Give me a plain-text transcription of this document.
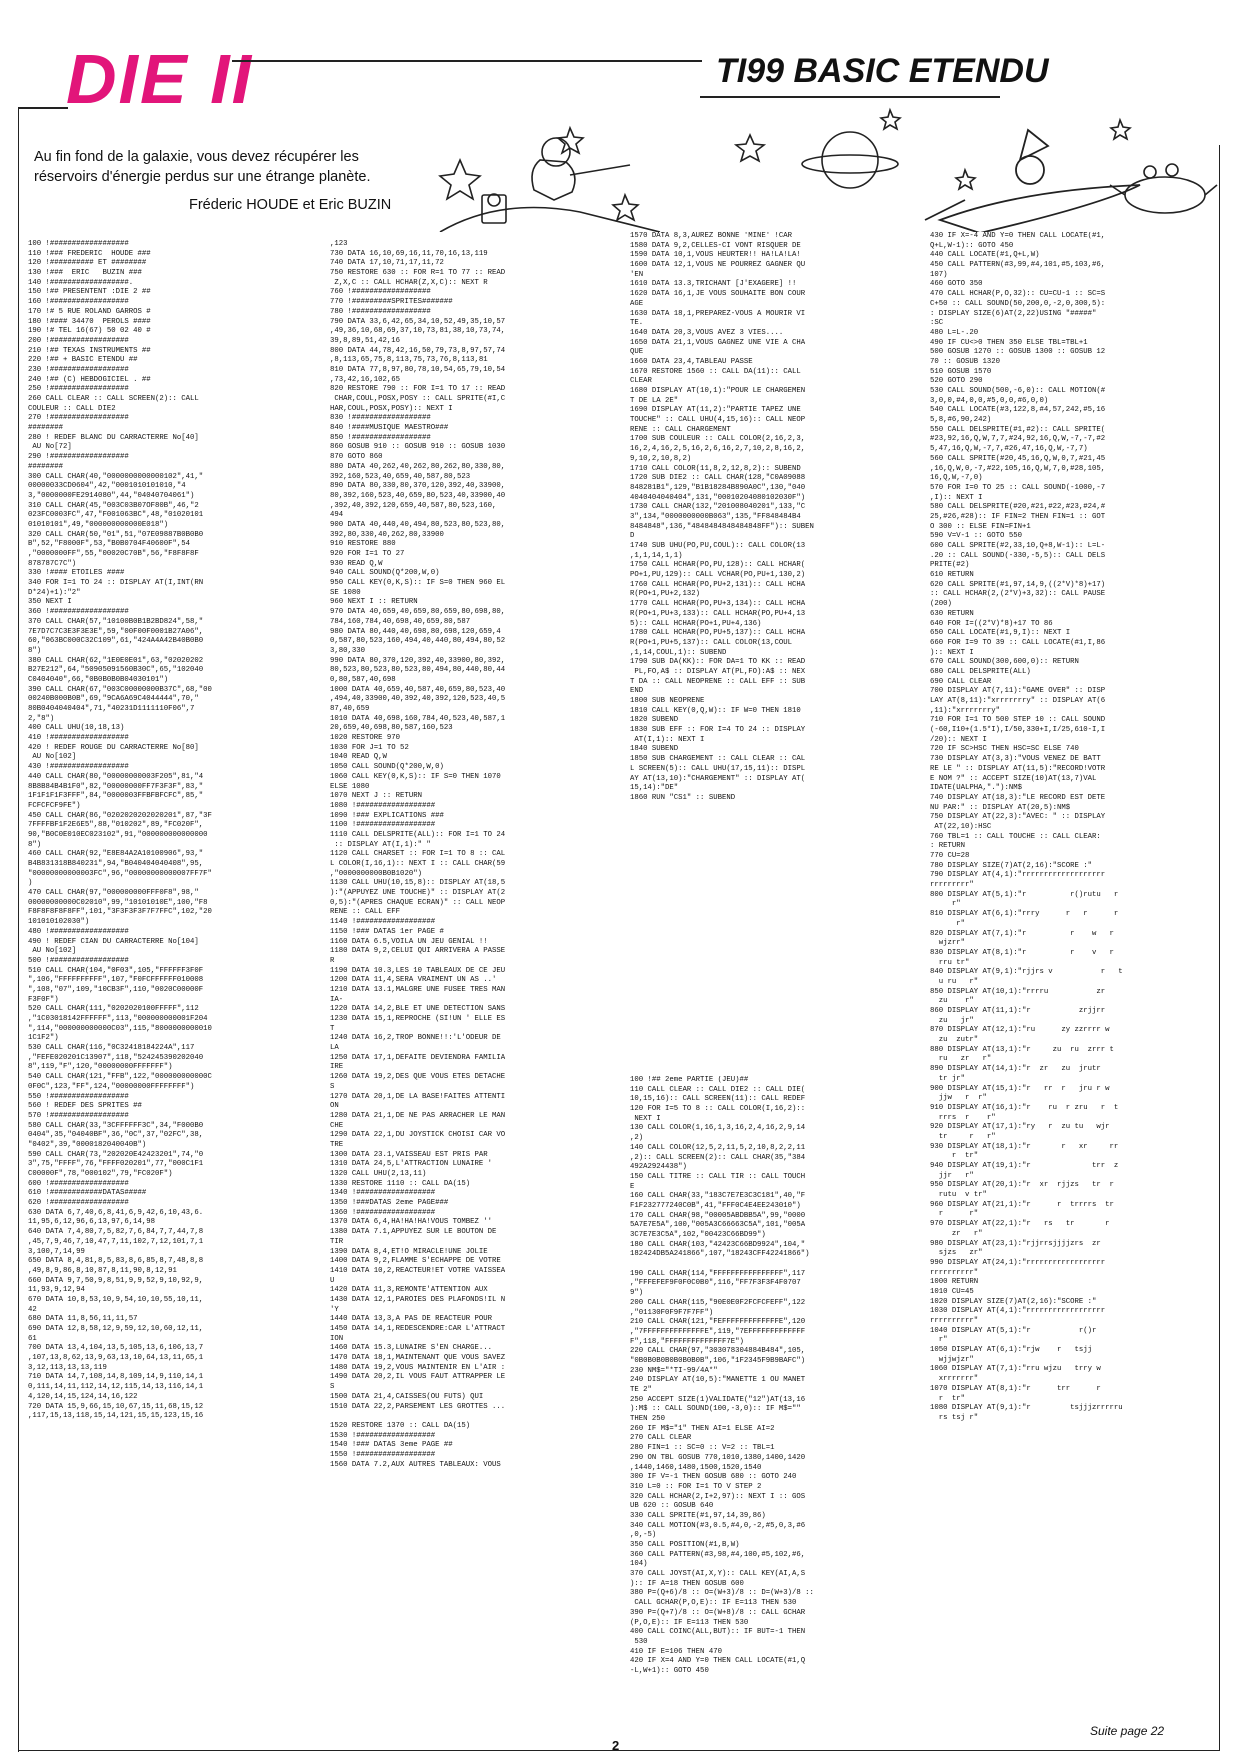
DIE II	TI99 BASIC ETENDU
Au fin fond de la galaxie, vous devez récupérer les réservoirs d'énergie perdus sur une étrange planète.
Fréderic HOUDE et Eric BUZIN
100 !##################
110 !### FREDERIC  HOUDE ###
120 !########## ET ########
130 !###  ERIC   BUZIN ###
140 !##################.
150 !## PRESENTENT :DIE 2 ##
160 !##################
170 !# 5 RUE ROLAND GARROS #
180 !#### 34470  PEROLS ####
190 !# TEL 16(67) 50 02 40 #
200 !##################
210 !## TEXAS INSTRUMENTS ##
220 !## + BASIC ETENDU ##
230 !##################
240 !## (C) HEBDOGICIEL . ##
250 !##################
260 CALL CLEAR :: CALL SCREEN(2):: CALL
COULEUR :: CALL DIE2
270 !##################
########
280 ! REDEF BLANC DU CARRACTERRE No[40]
AU No[72]
290 !##################
########
300 CALL CHAR(40,"0000000000000102",41,"
00000033CD0604",42,"0001010101010,"4
3,"0000000FE2914080",44,"04040704061")
310 CALL CHAR(45,"003C03B07OF80B",46,"2
023FC0003FC",47,"F001063BC",48,"01020101
01010101",49,"000000000000E018")
320 CALL CHAR(50,"01",51,"07E09887B0B0B0
B",52,"F8000F",53,"B0B0704F40600F",54
,"0000000FF",55,"00020C70B",56,"F8F8F8F
878787C7C")
330 !#### ETOILES ####
340 FOR I=1 TO 24 :: DISPLAY AT(I,INT(RN
D*24)+1):"2"
350 NEXT I
360 !##################
370 CALL CHAR(57,"10100B0B1B2BD824",58,"
7E7D7C7C3E3F3E3E",59,"00F00F0001B27A06",
60,"063BC000C32C109",61,"424A4A42B40B0B0
8")
380 CALL CHAR(62,"1E0E0E01",63,"02020202
B27E212",64,"50905091560B30C",65,"102040
C0404040",66,"0B0B0B0B04030101")
390 CALL CHAR(67,"003C00000000B37C",68,"00
00240B000B0B",69,"9CA6A69C4044444",70,"
80B0404040404",71,"40231D1111110F06",7
2,"8")
400 CALL UHU(10,18,13)
410 !##################
420 ! REDEF ROUGE DU CARRACTERRE No[80]
AU No[102]
430 !##################
440 CALL CHAR(80,"00000000003F205",81,"4
8B8B84B4B1F0",82,"00000000FF7F3F3F",83,"
1F1F1F1F3FFF",84,"0000003FFBFBFCFC",85,"
FCFCFCF9FE")
450 CALL CHAR(86,"0202020202020201",87,"3F
7FFFFBF1F2E6E5",88,"010202",89,"FC020F",
90,"B0C0E010EC023102",91,"000000000000000
8")
460 CALL CHAR(92,"E8E84A2A10100906",93,"
B4B831318B840231",94,"B040404040408",95,
"00000000000003FC",96,"00000000000007FF7F"
)
470 CALL CHAR(97,"000000000FFF0F8",98,"
00000000000C02010",99,"10101010E",100,"F8
F8F8F8F8F8FF",101,"3F3F3F3F7F7FFC",102,"20
101010102030")
480 !##################
490 ! REDEF CIAN DU CARRACTERRE No[104]
AU No[102]
500 !##################
510 CALL CHAR(104,"0F03",105,"FFFFFF3F0F
",106,"FFFFFFFFFF",107,"F0FCFFFFFF010008
",108,"07",109,"10CB3F",110,"0020C00000F
F3F0F")
520 CALL CHAR(111,"0202020100FFFFF",112
,"1C03018142FFFFFF",113,"000000000001F204
",114,"000000000000C03",115,"8000000000010
1C1F2")
530 CALL CHAR(116,"0C32418184224A",117
,"FEFE020201C13907",118,"524245390202040
8",119,"F",120,"00000000FFFFFFF")
540 CALL CHAR(121,"FFB",122,"000000000000C
0F0C",123,"FF",124,"00000000FFFFFFFF")
550 !##################
560 ! REDEF DES SPRITES ##
570 !##################
580 CALL CHAR(33,"3CFFFFFF3C",34,"F000B0
0404",35,"04040BF",36,"0C",37,"02FC",38,
"0402",39,"0000182040040B")
590 CALL CHAR(73,"202020E42423201",74,"0
3",75,"FFFF",76,"FFFF020201",77,"000C1F1
C00000F",78,"000102",79,"FC020F")
600 !##################
610 !############DATAS#####
620 !##################
630 DATA 6,7,40,6,8,41,6,9,42,6,10,43,6.
11,95,6,12,96,6,13,97,6,14,98
640 DATA 7,4,80,7,5,82,7,6,84,7,7,44,7,8
,45,7,9,46,7,10,47,7,11,102,7,12,101,7,1
3,100,7,14,99
650 DATA 8,4,81,8,5,83,8,6,85,8,7,48,8,8
,49,8,9,86,8,10,87,8,11,90,8,12,91
660 DATA 9,7,50,9,8,51,9,9,52,9,10,92,9,
11,93,9,12,94
670 DATA 10,8,53,10,9,54,10,10,55,10,11,
42
680 DATA 11,8,56,11,11,57
690 DATA 12,8,58,12,9,59,12,10,60,12,11,
61
700 DATA 13,4,104,13,5,105,13,6,106,13,7
,107,13,8,62,13,9,63,13,10,64,13,11,65,1
3,12,113,13,13,119
710 DATA 14,7,108,14,8,109,14,9,110,14,1
0,111,14,11,112,14,12,115,14,13,116,14,1
4,120,14,15,124,14,16,122
720 DATA 15,9,66,15,10,67,15,11,68,15,12
,117,15,13,118,15,14,121,15,15,123,15,16
,123
730 DATA 16,10,69,16,11,70,16,13,119
740 DATA 17,10,71,17,11,72
750 RESTORE 630 :: FOR R=1 TO 77 :: READ
Z,X,C :: CALL HCHAR(Z,X,C):: NEXT R
760 !##################
770 !#########SPRITES#######
780 !##################
790 DATA 33,6,42,65,34,10,52,49,35,10,57
,49,36,10,68,69,37,10,73,81,38,10,73,74,
39,8,89,51,42,16
800 DATA 44,78,42,16,50,79,73,8,97,57,74
,8,113,65,75,8,113,75,73,76,8,113,81
810 DATA 77,8,97,80,78,10,54,65,79,10,54
,73,42,16,102,65
820 RESTORE 790 :: FOR I=1 TO 17 :: READ
CHAR,COUL,POSX,POSY :: CALL SPRITE(#I,C
HAR,COUL,POSX,POSY):: NEXT I
830 !##################
840 !####MUSIQUE MAESTRO###
850 !##################
860 GOSUB 910 :: GOSUB 910 :: GOSUB 1030
870 GOTO 860
880 DATA 40,262,40,262,80,262,80,330,80,
392,160,523,40,659,40,587,80,523
890 DATA 80,330,80,370,120,392,40,33900,
80,392,160,523,40,659,80,523,40,33900,40
,392,40,392,120,659,40,587,80,523,160,
494
900 DATA 40,440,40,494,80,523,80,523,80,
392,80,330,40,262,80,33900
910 RESTORE 880
920 FOR I=1 TO 27
930 READ Q,W
940 CALL SOUND(Q*200,W,0)
950 CALL KEY(0,K,S):: IF S=0 THEN 960 EL
SE 1080
960 NEXT I :: RETURN
970 DATA 40,659,40,659,80,659,80,698,80,
784,160,784,40,698,40,659,80,587
980 DATA 80,440,40,698,80,698,120,659,4
0,587,80,523,160,494,40,440,80,494,80,52
3,80,330
990 DATA 80,370,120,392,40,33900,80,392,
80,523,80,523,80,523,80,494,80,440,80,44
0,80,587,40,698
1000 DATA 40,659,40,587,40,659,80,523,40
,494,40,33900,40,392,40,392,120,523,40,5
87,40,659
1010 DATA 40,698,160,784,40,523,40,587,1
20,659,40,698,80,587,160,523
1020 RESTORE 970
1030 FOR J=1 TO 52
1040 READ Q,W
1050 CALL SOUND(Q*200,W,0)
1060 CALL KEY(0,K,S):: IF S=0 THEN 1070
ELSE 1080
1070 NEXT J :: RETURN
1080 !##################
1090 !### EXPLICATIONS ###
1100 !##################
1110 CALL DELSPRITE(ALL):: FOR I=1 TO 24
:: DISPLAY AT(I,1):" "
1120 CALL CHARSET :: FOR I=1 TO 8 :: CAL
L COLOR(I,16,1):: NEXT I :: CALL CHAR(59
,"0000000000B0B1020")
1130 CALL UHU(10,15,8):: DISPLAY AT(18,5
):"(APPUYEZ UNE TOUCHE)" :: DISPLAY AT(2
0,5):"(APRES CHAQUE ECRAN)" :: CALL NEOP
RENE :: CALL EFF
1140 !##################
1150 !### DATAS 1er PAGE #
1160 DATA 6.5,VOILA UN JEU GENIAL !!
1180 DATA 9,2,CELUI QUI ARRIVERA A PASSE
R
1190 DATA 10.3,LES 10 TABLEAUX DE CE JEU
1200 DATA 11,4,SERA VRAIMENT UN AS ..'
1210 DATA 13.1,MALGRE UNE FUSEE TRES MAN
IA-
1220 DATA 14,2,BLE ET UNE DETECTION SANS
1230 DATA 15,1,REPROCHE (SI!UN ' ELLE ES
T
1240 DATA 16,2,TROP BONNE!!:'L'ODEUR DE
LA
1250 DATA 17,1,DEFAITE DEVIENDRA FAMILIA
IRE
1260 DATA 19,2,DES QUE VOUS ETES DETACHE
S
1270 DATA 20,1,DE LA BASE!FAITES ATTENTI
ON
1280 DATA 21,1,DE NE PAS ARRACHER LE MAN
CHE
1290 DATA 22,1,DU JOYSTICK CHOISI CAR VO
TRE
1300 DATA 23.1,VAISSEAU EST PRIS PAR
1310 DATA 24,5,L'ATTRACTION LUNAIRE '
1320 CALL UHU(2,13,11)
1330 RESTORE 1110 :: CALL DA(15)
1340 !##################
1350 !###DATAS 2eme PAGE###
1360 !##################
1370 DATA 6,4,HA!HA!HA!VOUS TOMBEZ ''
1380 DATA 7.1,APPUYEZ SUR LE BOUTON DE
TIR
1390 DATA 8,4,ET!O MIRACLE!UNE JOLIE
1400 DATA 9,2,FLAMME S'ECHAPPE DE VOTRE
1410 DATA 10,2,REACTEUR!ET VOTRE VAISSEA
U
1420 DATA 11,3,REMONTE'ATTENTION AUX
1430 DATA 12,1,PAROIES DES PLAFONDS!IL N
'Y
1440 DATA 13,3,A PAS DE REACTEUR POUR
1450 DATA 14,1,REDESCENDRE:CAR L'ATTRACT
ION
1460 DATA 15.3,LUNAIRE S'EN CHARGE...
1470 DATA 18,1,MAINTENANT QUE VOUS SAVEZ
1480 DATA 19,2,VOUS MAINTENIR EN L'AIR :
1490 DATA 20,2,IL VOUS FAUT ATTRAPPER LE
S
1500 DATA 21,4,CAISSES(OU FUTS) QUI
1510 DATA 22,2,PARSEMENT LES GROTTES ...
1520 RESTORE 1370 :: CALL DA(15)
1530 !##################
1540 !### DATAS 3eme PAGE ##
1550 !##################
1560 DATA 7.2,AUX AUTRES TABLEAUX: VOUS
1570 DATA 8,3,AUREZ BONNE 'MINE' !CAR
1580 DATA 9,2,CELLES-CI VONT RISQUER DE
1590 DATA 10,1,VOUS HEURTER!! HA!LA!LA!
1600 DATA 12,1,VOUS NE POURREZ GAGNER QU
'EN
1610 DATA 13.3,TRICHANT [J'EXAGERE] !!
1620 DATA 16,1,JE VOUS SOUHAITE BON COUR
AGE
1630 DATA 18,1,PREPAREZ-VOUS A MOURIR VI
TE.
1640 DATA 20,3,VOUS AVEZ 3 VIES....
1650 DATA 21,1,VOUS GAGNEZ UNE VIE A CHA
QUE
1660 DATA 23,4,TABLEAU PASSE
1670 RESTORE 1560 :: CALL DA(11):: CALL
CLEAR
1680 DISPLAY AT(10,1):"POUR LE CHARGEMEN
T DE LA 2E"
1690 DISPLAY AT(11,2):"PARTIE TAPEZ UNE
TOUCHE" :: CALL UHU(4,15,16):: CALL NEOP
RENE :: CALL CHARGEMENT
1700 SUB COULEUR :: CALL COLOR(2,16,2,3,
16,2,4,16,2,5,16,2,6,16,2,7,10,2,8,16,2,
9,10,2,10,8,2)
1710 CALL COLOR(11,8,2,12,8,2):: SUBEND
1720 SUB DIE2 :: CALL CHAR(128,"C0A09088
848281B1",129,"B1B18284B890A0C",130,"040
4040404040404",131,"00010204080102030F")
1730 CALL CHAR(132,"201008040201",133,"C
3",134,"0000000000B063",135,"FF848484B4
8484848",136,"4848484848484848FF"):: SUBEN
D
1740 SUB UHU(PO,PU,COUL):: CALL COLOR(13
,1,1,14,1,1)
1750 CALL HCHAR(PO,PU,128):: CALL HCHAR(
PO+1,PU,129):: CALL VCHAR(PO,PU+1,130,2)
1760 CALL HCHAR(PO,PU+2,131):: CALL HCHA
R(PO+1,PU+2,132)
1770 CALL HCHAR(PO,PU+3,134):: CALL HCHA
R(PO+1,PU+3,133):: CALL HCHAR(PO,PU+4,13
5):: CALL HCHAR(PO+1,PU+4,136)
1780 CALL HCHAR(PO,PU+5,137):: CALL HCHA
R(PO+1,PU+5,137):: CALL COLOR(13,COUL
,1,14,COUL,1):: SUBEND
1790 SUB DA(KK):: FOR DA=1 TO KK :: READ
PL,FO,A$ :: DISPLAY AT(PL,FO):A$ :: NEX
T DA :: CALL NEOPRENE :: CALL EFF :: SUB
END
1800 SUB NEOPRENE
1810 CALL KEY(0,Q,W):: IF W=0 THEN 1810
1820 SUBEND
1830 SUB EFF :: FOR I=4 TO 24 :: DISPLAY
AT(I,1):: NEXT I
1840 SUBEND
1850 SUB CHARGEMENT :: CALL CLEAR :: CAL
L SCREEN(5):: CALL UHU(17,15,11):: DISPL
AY AT(13,10):"CHARGEMENT" :: DISPLAY AT(
15,14):"DE"
1860 RUN "CS1" :: SUBEND
100 !## 2eme PARTIE (JEU)##
110 CALL CLEAR :: CALL DIE2 :: CALL DIE(
10,15,16):: CALL SCREEN(11):: CALL REDEF
120 FOR I=5 TO 8 :: CALL COLOR(I,16,2)::
NEXT I
130 CALL COLOR(1,16,1,3,16,2,4,16,2,9,14
,2)
140 CALL COLOR(12,5,2,11,5,2,10,8,2,2,11
,2):: CALL SCREEN(2):: CALL CHAR(35,"384
492A2924438")
150 CALL TITRE :: CALL TIR :: CALL TOUCH
E
160 CALL CHAR(33,"183C7E7E3C3C181",40,"F
F1F232777240C0B",41,"FFF0C4E4EE243010")
170 CALL CHAR(98,"00005ABDBB5A",99,"0000
5A7E7E5A",100,"005A3C66663C5A",101,"005A
3C7E7E3C5A",102,"00423C66BD99")
180 CALL CHAR(103,"42423C66BD9924",104,"
182424DB5A241866",107,"18243CFF42241866")
190 CALL CHAR(114,"FFFFFFFFFFFFFFFF",117
,"FFFEFEF9F0F0C0B0",116,"FF7F3F3F4F0707
9")
200 CALL CHAR(115,"90E0E0F2FCFCFEFF",122
,"01130F0F9F7F7FF")
210 CALL CHAR(121,"FEFFFFFFFFFFFFFE",120
,"7FFFFFFFFFFFFFFE",119,"7EFFFFFFFFFFFFF
F",118,"FFFFFFFFFFFFFF7E")
220 CALL CHAR(97,"303078304884B484",105,
"0B0B0B0B0B0B0B0B",106,"1F2345F9B9BAFC")
230 NM$="*TI-99/4A*"
240 DISPLAY AT(10,5):"MANETTE 1 OU MANET
TE 2"
250 ACCEPT SIZE(1)VALIDATE("12")AT(13,16
):M$ :: CALL SOUND(100,-3,0):: IF M$=""
THEN 250
260 IF M$="1" THEN AI=1 ELSE AI=2
270 CALL CLEAR
280 FIN=1 :: SC=0 :: V=2 :: TBL=1
290 ON TBL GOSUB 770,1010,1380,1400,1420
,1440,1460,1480,1500,1520,1540
300 IF V=-1 THEN GOSUB 680 :: GOTO 240
310 L=0 :: FOR I=1 TO V STEP 2
320 CALL HCHAR(2,I+2,97):: NEXT I :: GOS
UB 620 :: GOSUB 640
330 CALL SPRITE(#1,97,14,39,86)
340 CALL MOTION(#3,0.5,#4,0,-2,#5,0,3,#6
,0,-5)
350 CALL POSITION(#1,B,W)
360 CALL PATTERN(#3,98,#4,100,#5,102,#6,
104)
370 CALL JOYST(AI,X,Y):: CALL KEY(AI,A,S
):: IF A=18 THEN GOSUB 600
380 P=(Q+6)/8 :: O=(W+3)/8 :: D=(W+3)/8 ::
CALL GCHAR(P,O,E):: IF E=113 THEN 530
390 P=(Q+7)/8 :: O=(W+8)/8 :: CALL GCHAR
(P,O,E):: IF E=113 THEN 530
400 CALL COINC(ALL,BUT):: IF BUT=-1 THEN
530
410 IF E=106 THEN 470
420 IF X=4 AND Y=0 THEN CALL LOCATE(#1,Q
-L,W+1):: GOTO 450
430 IF X=-4 AND Y=0 THEN CALL LOCATE(#1,
Q+L,W-1):: GOTO 450
440 CALL LOCATE(#1,Q+L,W)
450 CALL PATTERN(#3,99,#4,101,#5,103,#6,
107)
460 GOTO 350
470 CALL HCHAR(P,O,32):: CU=CU-1 :: SC=S
C+50 :: CALL SOUND(50,200,0,-2,0,300,5):
: DISPLAY SIZE(6)AT(2,22)USING "#####"
:SC
480 L=L-.20
490 IF CU<>0 THEN 350 ELSE TBL=TBL+1
500 GOSUB 1270 :: GOSUB 1300 :: GOSUB 12
70 :: GOSUB 1320
510 GOSUB 1570
520 GOTO 290
530 CALL SOUND(500,-6,0):: CALL MOTION(#
3,0,0,#4,0,0,#5,0,0,#6,0,0)
540 CALL LOCATE(#3,122,8,#4,57,242,#5,16
5,8,#6,90,242)
550 CALL DELSPRITE(#1,#2):: CALL SPRITE(
#23,92,16,Q,W,7,7,#24,92,16,Q,W,-7,-7,#2
5,47,16,Q,W,-7,7,#26,47,16,Q,W,-7,7)
560 CALL SPRITE(#20,45,16,Q,W,0,7,#21,45
,16,Q,W,0,-7,#22,105,16,Q,W,7,0,#28,105,
16,Q,W,-7,0)
570 FOR I=0 TO 25 :: CALL SOUND(-1000,-7
,I):: NEXT I
580 CALL DELSPRITE(#20,#21,#22,#23,#24,#
25,#26,#28):: IF FIN=2 THEN FIN=1 :: GOT
O 300 :: ELSE FIN=FIN+1
590 V=V-1 :: GOTO 550
600 CALL SPRITE(#2,33,10,Q+8,W-1):: L=L-
.20 :: CALL SOUND(-330,-5,5):: CALL DELS
PRITE(#2)
610 RETURN
620 CALL SPRITE(#1,97,14,9,((2*V)*8)+17)
:: CALL HCHAR(2,(2*V)+3,32):: CALL PAUSE
(200)
630 RETURN
640 FOR I=((2*V)*8)+17 TO 86
650 CALL LOCATE(#1,9,I):: NEXT I
660 FOR I=9 TO 39 :: CALL LOCATE(#1,I,86
):: NEXT I
670 CALL SOUND(300,600,0):: RETURN
680 CALL DELSPRITE(ALL)
690 CALL CLEAR
700 DISPLAY AT(7,11):"GAME OVER" :: DISP
LAY AT(8,11):"xrrrrrrry" :: DISPLAY AT(6
,11):"xrrrrrrry"
710 FOR I=1 TO 500 STEP 10 :: CALL SOUND
(-60,I10+(1.5*I),I/50,330+I,I/25,610-I,I
/20):: NEXT I
720 IF SC>HSC THEN HSC=SC ELSE 740
730 DISPLAY AT(3,3):"VOUS VENEZ DE BATT
RE LE " :: DISPLAY AT(11,5):"RECORD!VOTR
E NOM ?" :: ACCEPT SIZE(10)AT(13,7)VAL
IDATE(UALPHA,"."):NM$
740 DISPLAY AT(18,3):"LE RECORD EST DETE
NU PAR:" :: DISPLAY AT(20,5):NM$
750 DISPLAY AT(22,3):"AVEC: " :: DISPLAY
AT(22,10):HSC
760 TBL=1 :: CALL TOUCHE :: CALL CLEAR:
: RETURN
770 CU=28
780 DISPLAY SIZE(7)AT(2,16):"SCORE :"
790 DISPLAY AT(4,1):"rrrrrrrrrrrrrrrrrrr
rrrrrrrrr"
800 DISPLAY AT(5,1):"r          r()rutu   r
r"
810 DISPLAY AT(6,1):"rrry      r   r      r
r"
820 DISPLAY AT(7,1):"r          r    w   r
wjzrr"
830 DISPLAY AT(8,1):"r          r    v   r
rru tr"
840 DISPLAY AT(9,1):"rjjrs v           r   t
u ru   r"
850 DISPLAY AT(10,1):"rrrru           zr
zu    r"
860 DISPLAY AT(11,1):"r           zrjjrr
zu   jr"
870 DISPLAY AT(12,1):"ru      zy zzrrrr w
zu  zutr"
880 DISPLAY AT(13,1):"r     zu  ru  zrrr t
ru   zr   r"
890 DISPLAY AT(14,1):"r  zr   zu  jrutr
tr jr"
900 DISPLAY AT(15,1):"r   rr  r   jru r w
jjw   r  r"
910 DISPLAY AT(16,1):"r    ru  r zru   r  t
rrrs  r    r"
920 DISPLAY AT(17,1):"ry   r  zu tu   wjr
tr     r   r"
930 DISPLAY AT(18,1):"r       r   xr     rr
r  tr"
940 DISPLAY AT(19,1):"r              trr  z
jjr   r"
950 DISPLAY AT(20,1):"r  xr  rjjzs   tr  r
rutu  v tr"
960 DISPLAY AT(21,1):"r      r  trrrrs  tr
r      r"
970 DISPLAY AT(22,1):"r   rs   tr       r
zr   r"
980 DISPLAY AT(23,1):"rjjrrsjjjjzrs  zr
sjzs   zr"
990 DISPLAY AT(24,1):"rrrrrrrrrrrrrrrrrr
rrrrrrrrrr"
1000 RETURN
1010 CU=45
1020 DISPLAY SIZE(7)AT(2,16):"SCORE :"
1030 DISPLAY AT(4,1):"rrrrrrrrrrrrrrrrrr
rrrrrrrrrr"
1040 DISPLAY AT(5,1):"r           r()r
r"
1050 DISPLAY AT(6,1):"rjw    r   tsjj
wjjwjzr"
1060 DISPLAY AT(7,1):"rru wjzu   trry w
xrrrrrrr"
1070 DISPLAY AT(8,1):"r      trr      r
r  tr"
1080 DISPLAY AT(9,1):"r         tsjjjzrrrrru
rs tsj r"
Suite page 22
2
